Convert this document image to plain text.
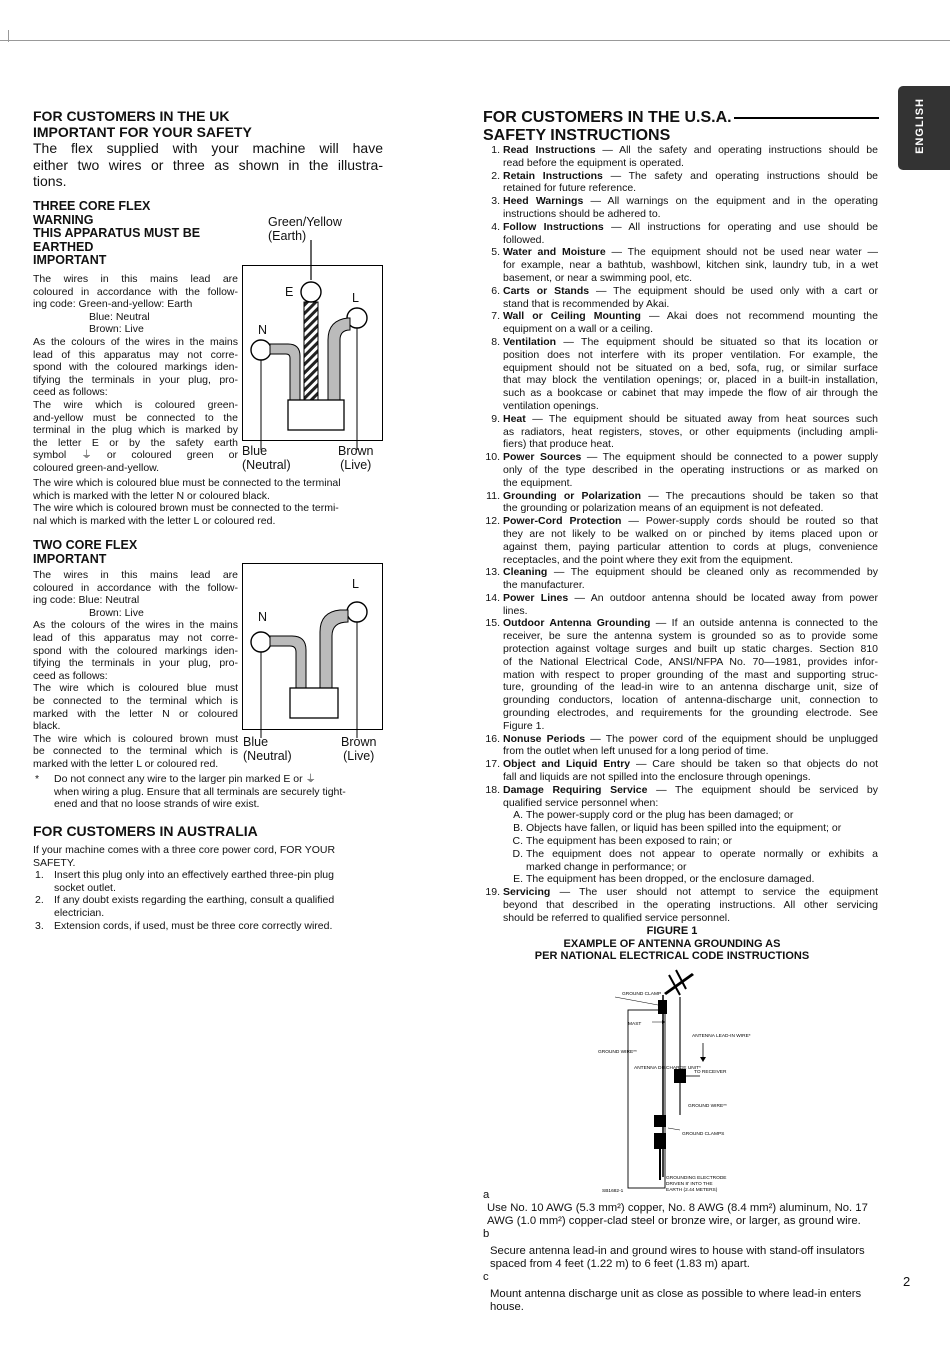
ENGLISH
FOR CUSTOMERS IN THE UK
IMPORTANT FOR YOUR SAFETY
The flex supplied with your machine will have
either two wires or three as shown in the illustra-
tions.
THREE CORE FLEX
WARNING
THIS APPARATUS MUST BE
EARTHED
IMPORTANT
The wires in this mains lead are
coloured in accordance with the follow-
ing code: Green-and-yellow: Earth
Blue: Neutral
Brown: Live
As the colours of the wires in the mains
lead of this apparatus may not corre-
spond with the coloured markings iden-
tifying the terminals in your plug, pro-
ceed as follows:
The wire which is coloured green-
and-yellow must be connected to the
terminal in the plug which is marked by
the letter E or by the safety earth
symbol ⏚ or coloured green or
coloured green-and-yellow.
The wire which is coloured blue must be connected to the terminal
which is marked with the letter N or coloured black.
The wire which is coloured brown must be connected to the termi-
nal which is marked with the letter L or coloured red.
Green/Yellow
(Earth)
E	L
N
Blue
(Neutral)
Brown
(Live)
TWO CORE FLEX
IMPORTANT
The wires in this mains lead are
coloured in accordance with the follow-
ing code: Blue: Neutral
Brown: Live
As the colours of the wires in the mains
lead of this apparatus may not corre-
spond with the coloured markings iden-
tifying the terminals in your plug, pro-
ceed as follows:
The wire which is coloured blue must
be connected to the terminal which is
marked with the letter N or coloured
black.
The wire which is coloured brown must
be connected to the terminal which is
marked with the letter L or coloured red.
L
N
Blue
(Neutral)
Brown
(Live)
*	Do not connect any wire to the larger pin marked E or ⏚
when wiring a plug. Ensure that all terminals are securely tight-
ened and that no loose strands of wire exist.
FOR CUSTOMERS IN AUSTRALIA
If your machine comes with a three core power cord, FOR YOUR
SAFETY.
1. Insert this plug only into an effectively earthed three-pin plug
socket outlet.
2. If any doubt exists regarding the earthing, consult a qualified
electrician.
3. Extension cords, if used, must be three core correctly wired.
FOR CUSTOMERS IN THE U.S.A.
SAFETY INSTRUCTIONS
1. Read Instructions — All the safety and operating instructions should be
read before the equipment is operated.
2. Retain Instructions — The safety and operating instructions should be
retained for future reference.
3. Heed Warnings — All warnings on the equipment and in the operating
instructions should be adhered to.
4. Follow Instructions — All instructions for operating and use should be
followed.
5. Water and Moisture — The equipment should not be used near water —
for example, near a bathtub, washbowl, kitchen sink, laundry tub, in a wet
basement, or near a swimming pool, etc.
6. Carts or Stands — The equipment should be used only with a cart or
stand that is recommended by Akai.
7. Wall or Ceiling Mounting — Akai does not recommend mounting the
equipment on a wall or a ceiling.
8. Ventilation — The equipment should be situated so that its location or
position does not interfere with its proper ventilation. For example, the
equipment should not be situated on a bed, sofa, rug, or similar surface
that may block the ventilation openings; or, placed in a built-in installation,
such as a bookcase or cabinet that may impede the flow of air through the
ventilation openings.
9. Heat — The equipment should be situated away from heat sources such
as radiators, heat registers, stoves, or other equipments (including ampli-
fiers) that produce heat.
10. Power Sources — The equipment should be connected to a power supply
only of the type described in the operating instructions or as marked on
the equipment.
11. Grounding or Polarization — The precautions should be taken so that
the grounding or polarization means of an equipment is not defeated.
12. Power-Cord Protection — Power-supply cords should be routed so that
they are not likely to be walked on or pinched by items placed upon or
against them, paying particular attention to cords at plugs, convenience
receptacles, and the point where they exit from the equipment.
13. Cleaning — The equipment should be cleaned only as recommended by
the manufacturer.
14. Power Lines — An outdoor antenna should be located away from power
lines.
15. Outdoor Antenna Grounding — If an outside antenna is connected to the
receiver, be sure the antenna system is grounded so as to provide some
protection against voltage surges and built up static charges. Section 810
of the National Electrical Code, ANSI/NFPA No. 70—1981, provides infor-
mation with respect to proper grounding of the mast and supporting struc-
ture, grounding of the lead-in wire to an antenna discharge unit, size of
grounding conductors, location of antenna-discharge unit, connection to
grounding electrodes, and requirements for the grounding electrode. See
Figure 1.
16. Nonuse Periods — The power cord of the equipment should be unplugged
from the outlet when left unused for a long period of time.
17. Object and Liquid Entry — Care should be taken so that objects do not
fall and liquids are not spilled into the enclosure through openings.
18. Damage Requiring Service — The equipment should be serviced by
qualified service personnel when:
A. The power-supply cord or the plug has been damaged; or
B. Objects have fallen, or liquid has been spilled into the equipment; or
C. The equipment has been exposed to rain; or
D. The equipment does not appear to operate normally or exhibits a
marked change in performance; or
E. The equipment has been dropped, or the enclosure damaged.
19. Servicing — The user should not attempt to service the equipment
beyond that described in the operating instructions. All other servicing
should be referred to qualified service personnel.
FIGURE 1
EXAMPLE OF ANTENNA GROUNDING AS
PER NATIONAL ELECTRICAL CODE INSTRUCTIONS
GROUND CLAMP
MAST
ANTENNA LEAD-IN WIRE*
GROUND WIRE**
ANTENNA DISCHARGE UNIT*
TO RECEIVER
GROUND WIRE**
GROUND CLAMPS
GROUNDING ELECTRODE
DRIVEN 8' INTO THE
EARTH (2.44 METERS)
SB1682-1
a
Use No. 10 AWG (5.3 mm²) copper, No. 8 AWG (8.4 mm²) aluminum, No. 17
AWG (1.0 mm²) copper-clad steel or bronze wire, or larger, as ground wire.
b
Secure antenna lead-in and ground wires to house with stand-off insulators
spaced from 4 feet (1.22 m) to 6 feet (1.83 m) apart.
c
Mount antenna discharge unit as close as possible to where lead-in enters
house.
2
